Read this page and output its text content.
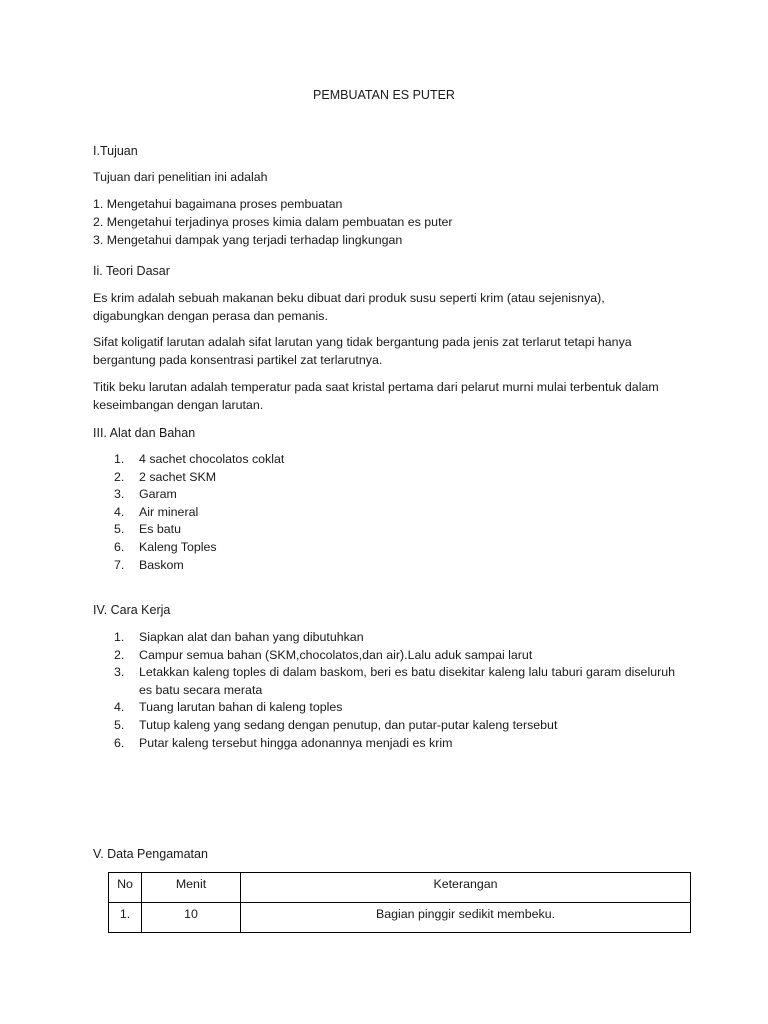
PEMBUATAN ES PUTER
I.Tujuan
Tujuan dari penelitian ini adalah
1. Mengetahui bagaimana proses pembuatan
2. Mengetahui terjadinya proses kimia dalam pembuatan es puter
3. Mengetahui dampak yang terjadi terhadap lingkungan
Ii. Teori Dasar
Es krim adalah sebuah makanan beku dibuat dari produk susu seperti krim (atau sejenisnya), digabungkan dengan perasa dan pemanis.
Sifat koligatif larutan adalah sifat larutan yang tidak bergantung pada jenis zat terlarut tetapi hanya bergantung pada konsentrasi partikel zat terlarutnya.
Titik beku larutan adalah temperatur pada saat kristal pertama dari pelarut murni mulai terbentuk dalam keseimbangan dengan larutan.
III. Alat dan Bahan
1. 4 sachet chocolatos coklat
2. 2 sachet SKM
3. Garam
4. Air mineral
5. Es batu
6. Kaleng Toples
7. Baskom
IV. Cara Kerja
1. Siapkan alat dan bahan yang dibutuhkan
2. Campur semua bahan (SKM,chocolatos,dan air).Lalu aduk sampai larut
3. Letakkan kaleng toples di dalam baskom, beri es batu disekitar kaleng lalu taburi garam diseluruh es batu secara merata
4. Tuang larutan bahan di kaleng toples
5. Tutup kaleng yang sedang dengan penutup, dan putar-putar kaleng tersebut
6. Putar kaleng tersebut hingga adonannya menjadi es krim
V. Data Pengamatan
No	Menit	Keterangan
1.	10	Bagian pinggir sedikit membeku.
